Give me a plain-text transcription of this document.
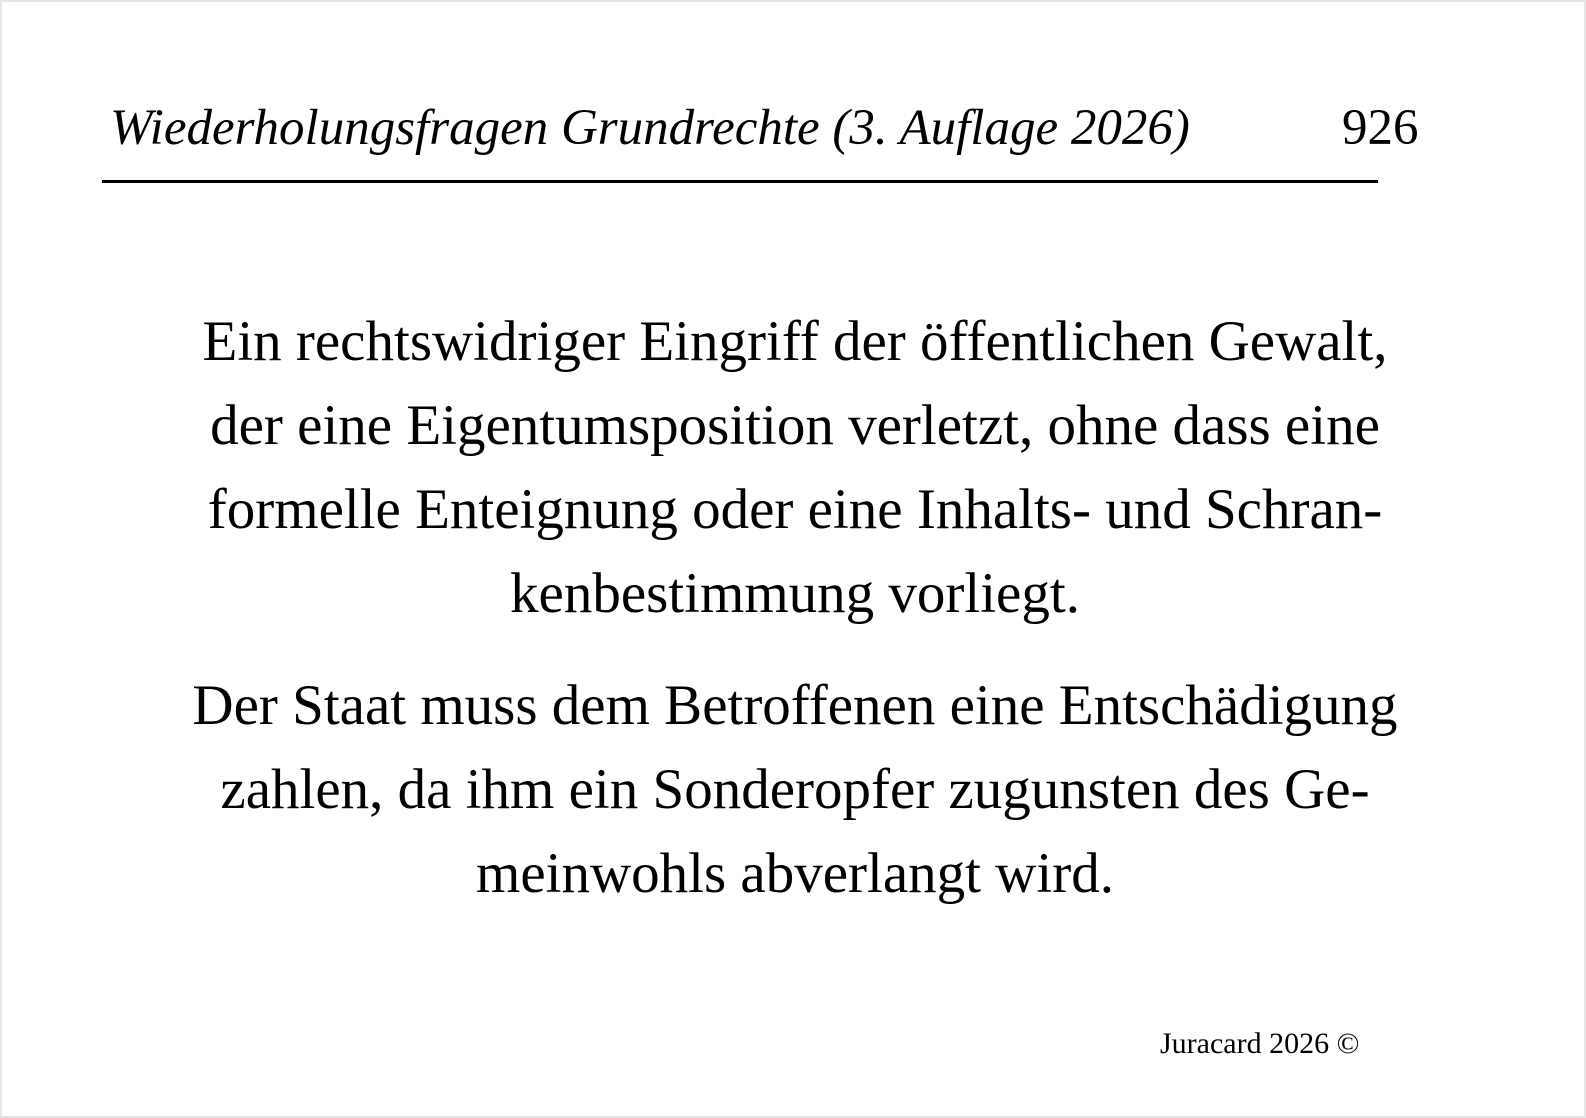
Wiederholungsfragen Grundrechte (3. Auflage 2026)	926

Ein rechtswidriger Eingriff der öffentlichen Gewalt,
der eine Eigentumsposition verletzt, ohne dass eine
formelle Enteignung oder eine Inhalts- und Schran-
kenbestimmung vorliegt.

Der Staat muss dem Betroffenen eine Entschädigung
zahlen, da ihm ein Sonderopfer zugunsten des Ge-
meinwohls abverlangt wird.

Juracard 2026 ©
